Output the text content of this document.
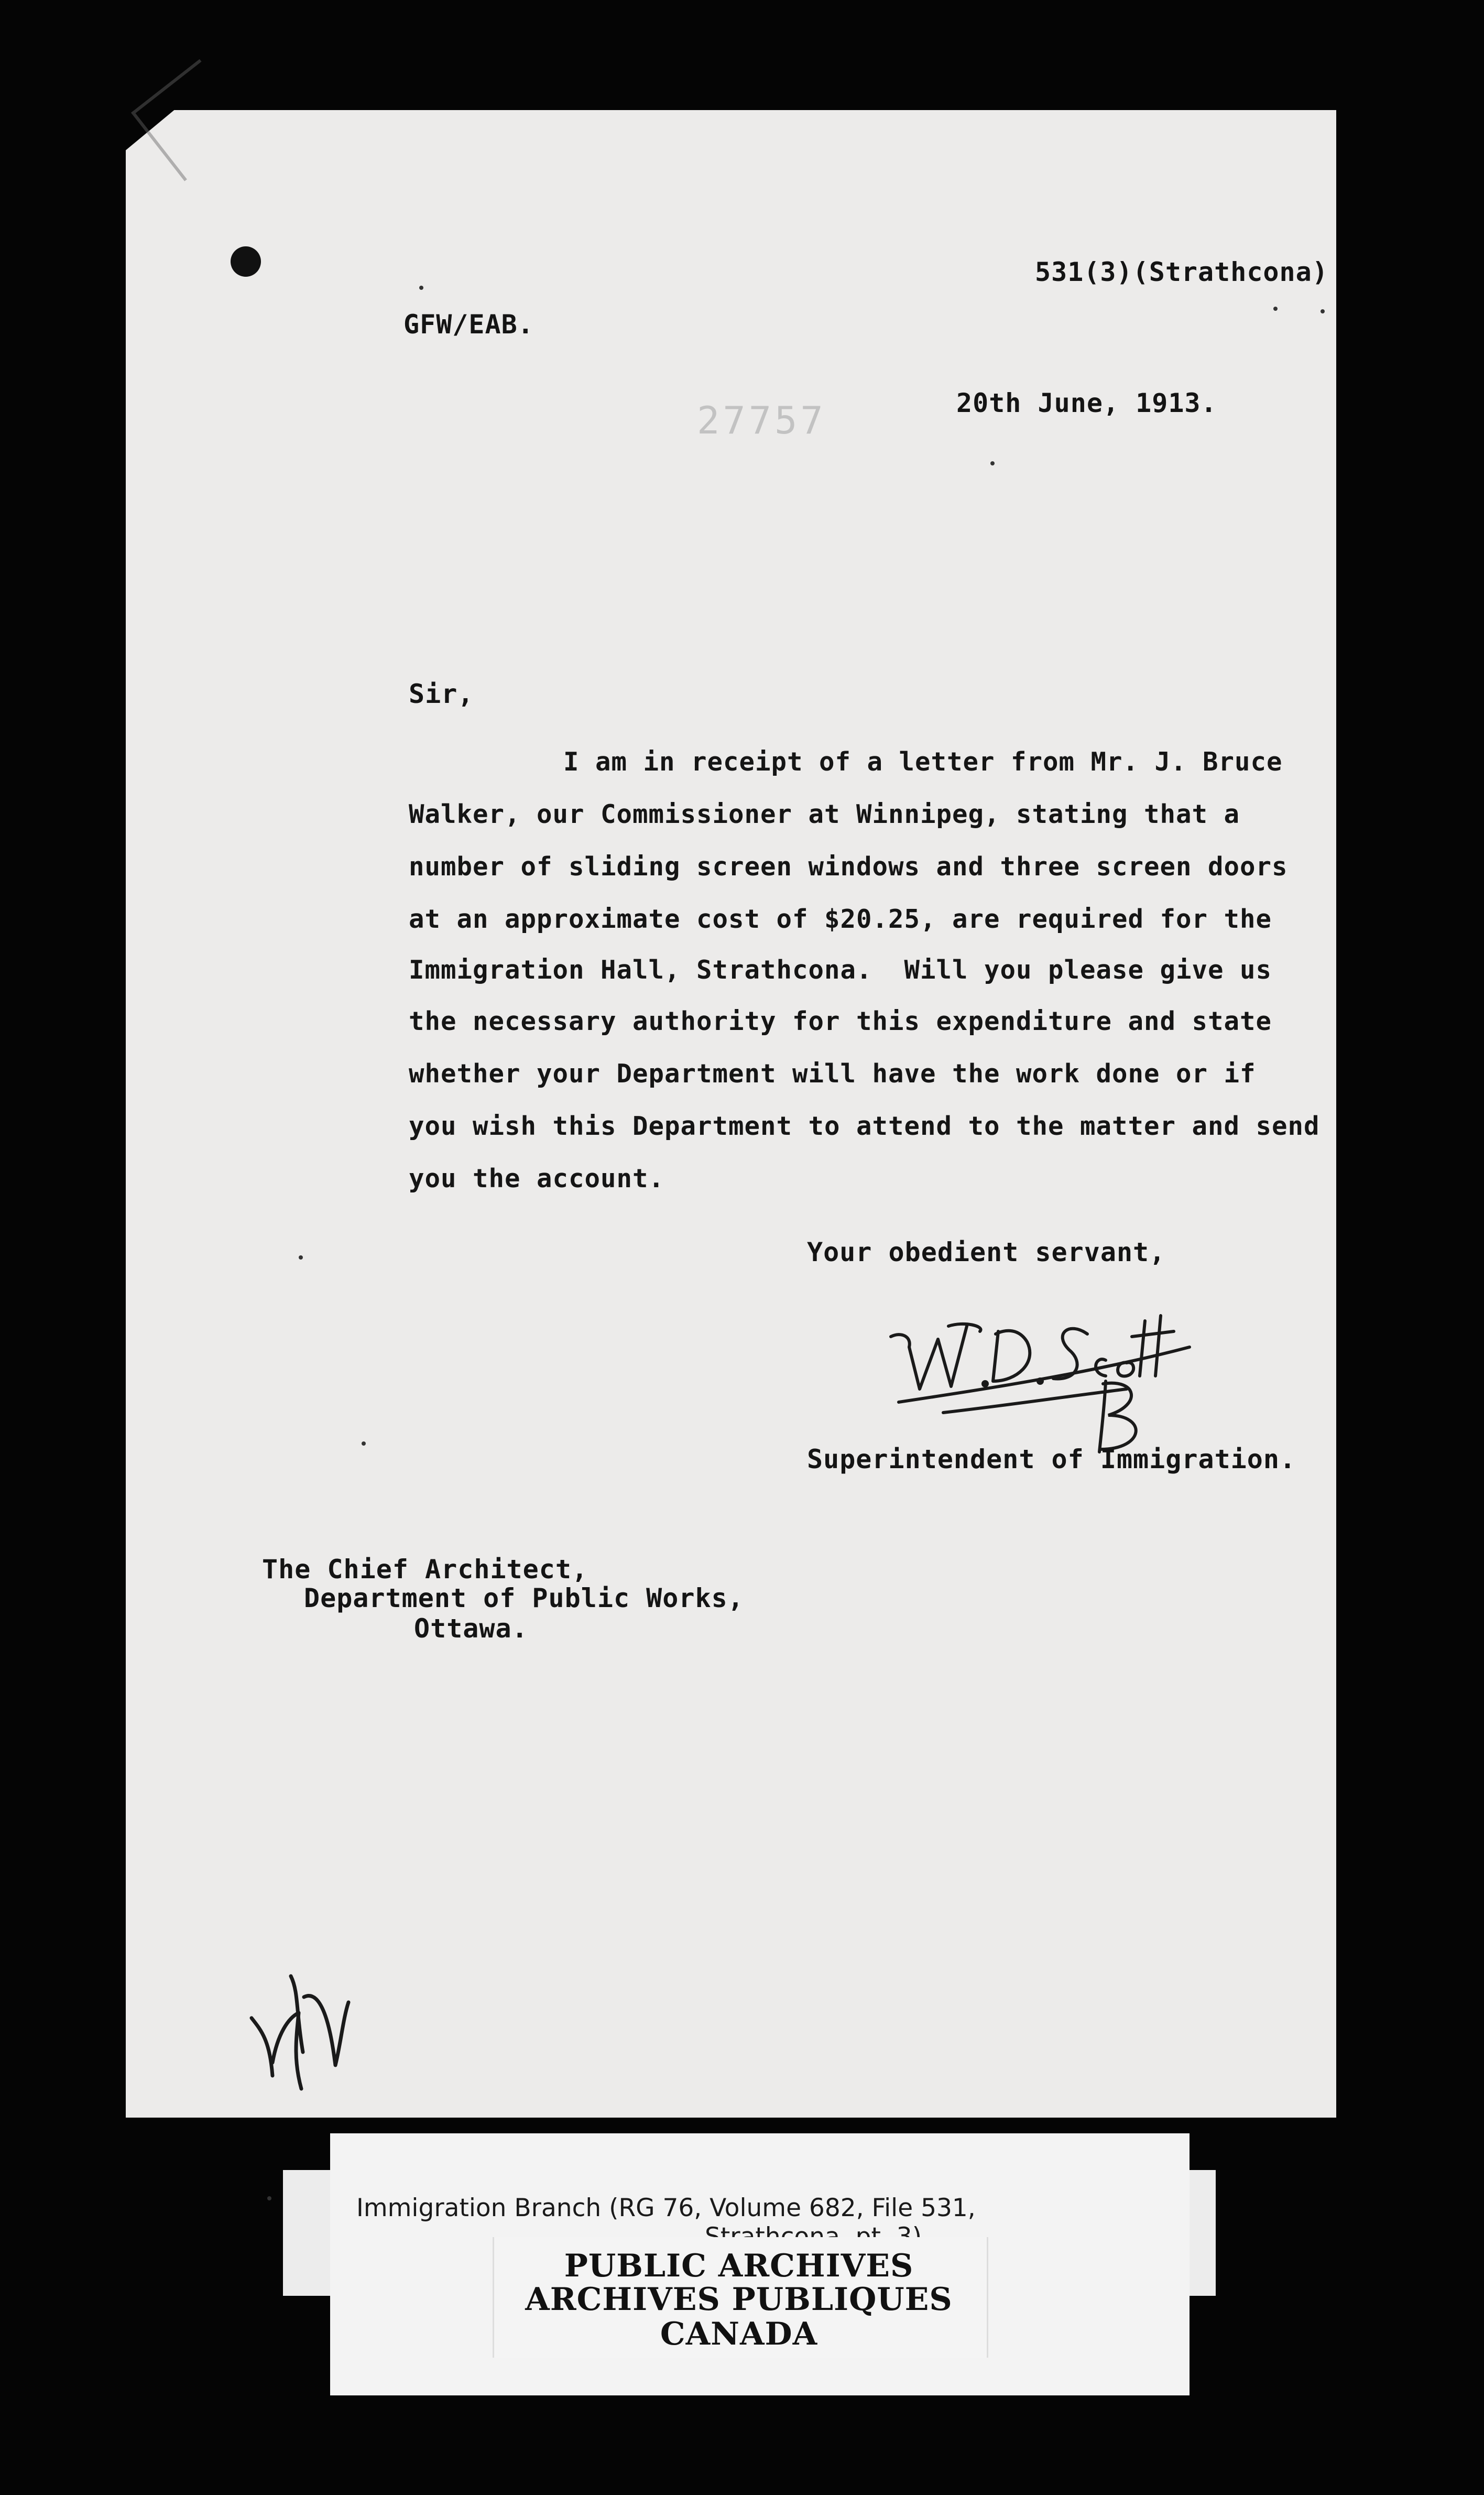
531(3)(Strathcona)
GFW/EAB.
27757	20th June, 1913.
Sir,
I am in receipt of a letter from Mr. J. Bruce
Walker, our Commissioner at Winnipeg, stating that a
number of sliding screen windows and three screen doors
at an approximate cost of $20.25, are required for the
Immigration Hall, Strathcona.  Will you please give us
the necessary authority for this expenditure and state
whether your Department will have the work done or if
you wish this Department to attend to the matter and send
you the account.
Your obedient servant,
Superintendent of Immigration.
The Chief Architect,
Department of Public Works,
Ottawa.
Immigration Branch (RG 76, Volume 682, File 531,
PUBLIC ARCHIVES
ARCHIVES PUBLIQUES
CANADA
